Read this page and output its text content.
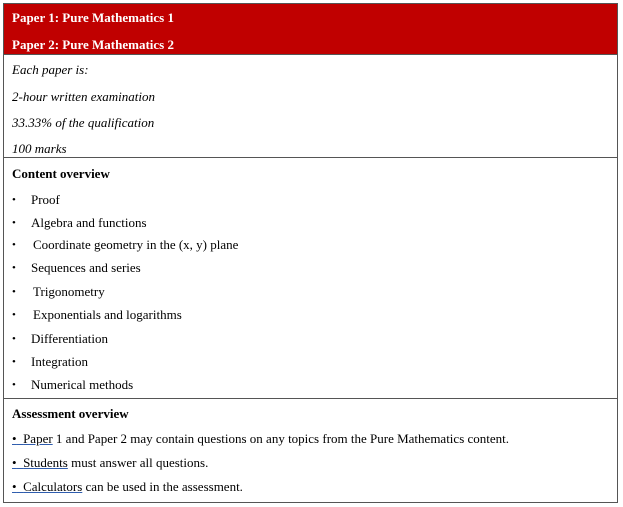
Paper 1: Pure Mathematics 1
Paper 2: Pure Mathematics 2
Each paper is:
2-hour written examination
33.33% of the qualification
100 marks
Content overview
• Proof
• Algebra and functions
• Coordinate geometry in the (x, y) plane
• Sequences and series
• Trigonometry
• Exponentials and logarithms
• Differentiation
• Integration
• Numerical methods
Assessment overview
• Paper 1 and Paper 2 may contain questions on any topics from the Pure Mathematics content.
• Students must answer all questions.
• Calculators can be used in the assessment.
